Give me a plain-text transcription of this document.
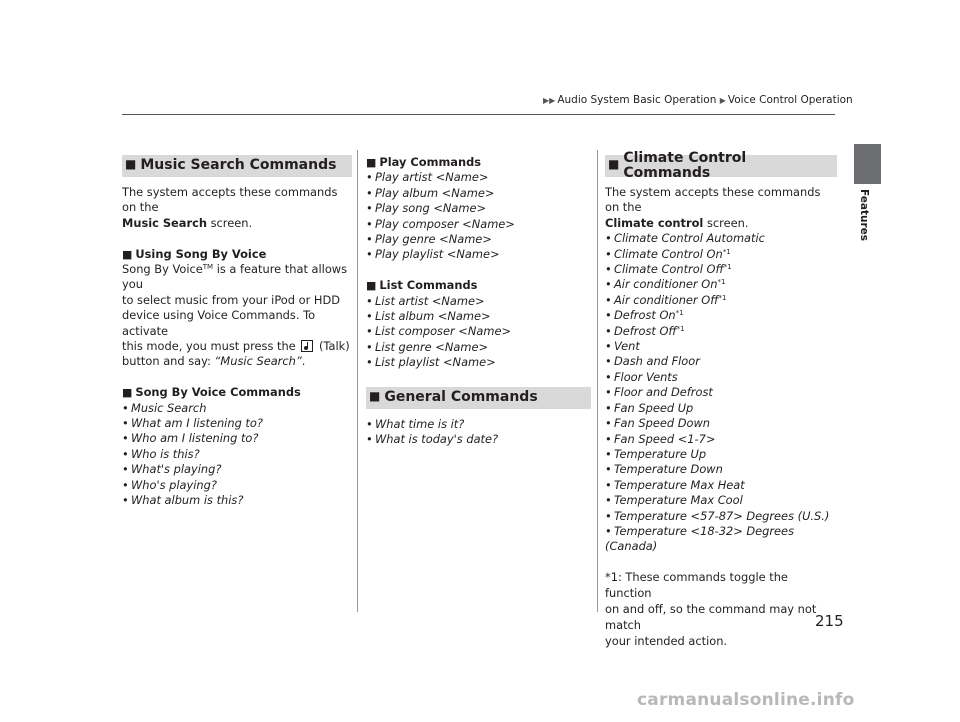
▶▶ Audio System Basic Operation ▶ Voice Control Operation
Features
■ Music Search Commands

The system accepts these commands on the
Music Search screen.

■ Using Song By Voice

Song By Voice™ is a feature that allows you
to select music from your iPod or HDD
device using Voice Commands. To activate
this mode, you must press the  (Talk)
button and say: “Music Search”.

■ Song By Voice Commands

• Music Search
• What am I listening to?
• Who am I listening to?
• Who is this?
• What's playing?
• Who's playing?
• What album is this?

■ Play Commands

• Play artist <Name>
• Play album <Name>
• Play song <Name>
• Play composer <Name>
• Play genre <Name>
• Play playlist <Name>

■ List Commands

• List artist <Name>
• List album <Name>
• List composer <Name>
• List genre <Name>
• List playlist <Name>
■ General Commands
• What time is it?
• What is today's date?
■ Climate Control Commands

The system accepts these commands on the
Climate control screen.

• Climate Control Automatic
• Climate Control On$^{*1}$
• Climate Control Off$^{*1}$
• Air conditioner On$^{*1}$
• Air conditioner Off$^{*1}$
• Defrost On$^{*1}$
• Defrost Off$^{*1}$
• Vent
• Dash and Floor
• Floor Vents
• Floor and Defrost
• Fan Speed Up
• Fan Speed Down
• Fan Speed <1-7>
• Temperature Up
• Temperature Down
• Temperature Max Heat
• Temperature Max Cool
• Temperature <57-87> Degrees (U.S.)
• Temperature <18-32> Degrees (Canada)

*1: These commands toggle the function
on and off, so the command may not match
your intended action.

215
carmanualsonline.info
